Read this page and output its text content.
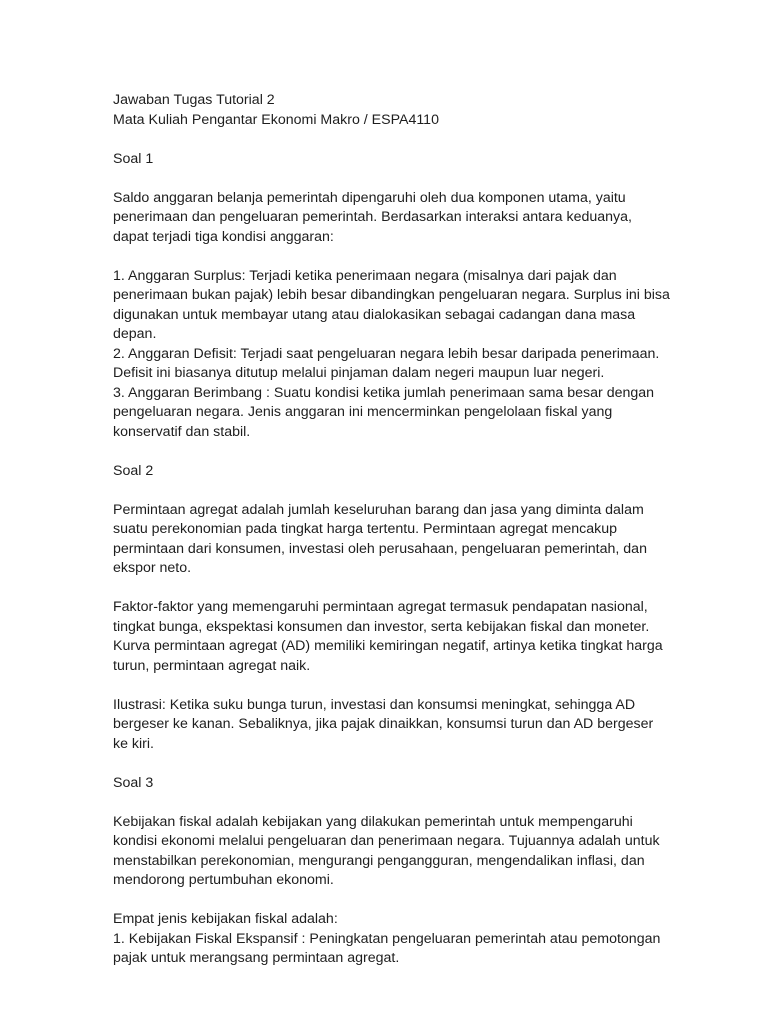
Jawaban Tugas Tutorial 2

Mata Kuliah Pengantar Ekonomi Makro / ESPA4110

Soal 1

Saldo anggaran belanja pemerintah dipengaruhi oleh dua komponen utama, yaitu

penerimaan dan pengeluaran pemerintah. Berdasarkan interaksi antara keduanya,

dapat terjadi tiga kondisi anggaran:

1. Anggaran Surplus: Terjadi ketika penerimaan negara (misalnya dari pajak dan

penerimaan bukan pajak) lebih besar dibandingkan pengeluaran negara. Surplus ini bisa

digunakan untuk membayar utang atau dialokasikan sebagai cadangan dana masa

depan.

2. Anggaran Defisit: Terjadi saat pengeluaran negara lebih besar daripada penerimaan.

Defisit ini biasanya ditutup melalui pinjaman dalam negeri maupun luar negeri.

3. Anggaran Berimbang : Suatu kondisi ketika jumlah penerimaan sama besar dengan

pengeluaran negara. Jenis anggaran ini mencerminkan pengelolaan fiskal yang

konservatif dan stabil.

Soal 2

Permintaan agregat adalah jumlah keseluruhan barang dan jasa yang diminta dalam

suatu perekonomian pada tingkat harga tertentu. Permintaan agregat mencakup

permintaan dari konsumen, investasi oleh perusahaan, pengeluaran pemerintah, dan

ekspor neto.

Faktor-faktor yang memengaruhi permintaan agregat termasuk pendapatan nasional,

tingkat bunga, ekspektasi konsumen dan investor, serta kebijakan fiskal dan moneter.

Kurva permintaan agregat (AD) memiliki kemiringan negatif, artinya ketika tingkat harga

turun, permintaan agregat naik.

Ilustrasi: Ketika suku bunga turun, investasi dan konsumsi meningkat, sehingga AD

bergeser ke kanan. Sebaliknya, jika pajak dinaikkan, konsumsi turun dan AD bergeser

ke kiri.

Soal 3

Kebijakan fiskal adalah kebijakan yang dilakukan pemerintah untuk mempengaruhi

kondisi ekonomi melalui pengeluaran dan penerimaan negara. Tujuannya adalah untuk

menstabilkan perekonomian, mengurangi pengangguran, mengendalikan inflasi, dan

mendorong pertumbuhan ekonomi.

Empat jenis kebijakan fiskal adalah:

1. Kebijakan Fiskal Ekspansif : Peningkatan pengeluaran pemerintah atau pemotongan

pajak untuk merangsang permintaan agregat.
